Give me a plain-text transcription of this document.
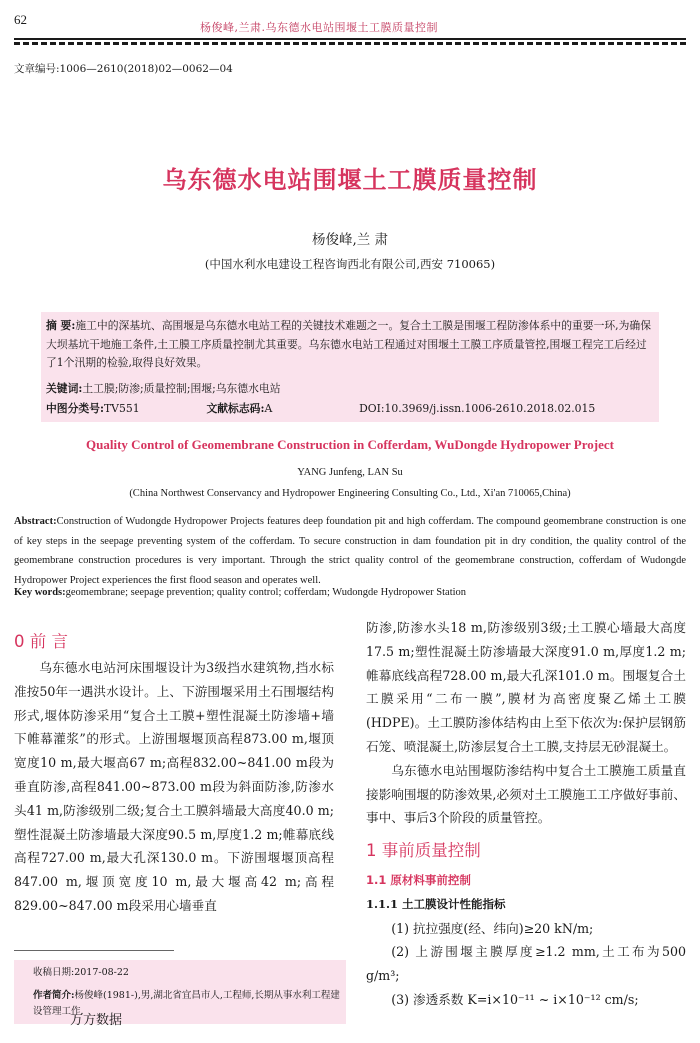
62
杨俊峰,兰肃.乌东德水电站围堰土工膜质量控制
文章编号:1006—2610(2018)02—0062—04
乌东德水电站围堰土工膜质量控制
杨俊峰,兰 肃
(中国水利水电建设工程咨询西北有限公司,西安 710065)
摘 要:施工中的深基坑、高围堰是乌东德水电站工程的关键技术难题之一。复合土工膜是围堰工程防渗体系中的重要一环,为确保大坝基坑干地施工条件,土工膜工序质量控制尤其重要。乌东德水电站工程通过对围堰土工膜工序质量管控,围堰工程完工后经过了1个汛期的检验,取得良好效果。
关键词:土工膜;防渗;质量控制;围堰;乌东德水电站
中图分类号:TV551	文献标志码:A	DOI:10.3969/j.issn.1006-2610.2018.02.015
Quality Control of Geomembrane Construction in Cofferdam, WuDongde Hydropower Project
YANG Junfeng, LAN Su
(China Northwest Conservancy and Hydropower Engineering Consulting Co., Ltd., Xi'an 710065,China)
Abstract:Construction of Wudongde Hydropower Projects features deep foundation pit and high cofferdam. The compound geomembrane construction is one of key steps in the seepage preventing system of the cofferdam. To secure construction in dam foundation pit in dry condition, the quality control of the geomembrane construction procedures is very important. Through the strict quality control of the geomembrane construction, cofferdam of Wudongde Hydropower Project experiences the first flood season and operates well.
Key words:geomembrane; seepage prevention; quality control; cofferdam; Wudongde Hydropower Station
0 前 言

乌东德水电站河床围堰设计为3级挡水建筑物,挡水标准按50年一遇洪水设计。上、下游围堰采用土石围堰结构形式,堰体防渗采用“复合土工膜+塑性混凝土防渗墙+墙下帷幕灌浆”的形式。上游围堰堰顶高程873.00 m,堰顶宽度10 m,最大堰高67 m;高程832.00~841.00 m段为垂直防渗,高程841.00~873.00 m段为斜面防渗,防渗水头41 m,防渗级别二级;复合土工膜斜墙最大高度40.0 m;塑性混凝土防渗墙最大深度90.5 m,厚度1.2 m;帷幕底线高程727.00 m,最大孔深130.0 m。下游围堰堰顶高程847.00 m,堰顶宽度10 m,最大堰高42 m;高程829.00~847.00 m段采用心墙垂直

防渗,防渗水头18 m,防渗级别3级;土工膜心墙最大高度17.5 m;塑性混凝土防渗墙最大深度91.0 m,厚度1.2 m;帷幕底线高程728.00 m,最大孔深101.0 m。围堰复合土工膜采用“二布一膜”,膜材为高密度聚乙烯土工膜(HDPE)。土工膜防渗体结构由上至下依次为:保护层钢筋石笼、喷混凝土,防渗层复合土工膜,支持层无砂混凝土。

乌东德水电站围堰防渗结构中复合土工膜施工质量直接影响围堰的防渗效果,必须对土工膜施工工序做好事前、事中、事后3个阶段的质量管控。

1 事前质量控制
1.1 原材料事前控制
1.1.1 土工膜设计性能指标

(1) 抗拉强度(经、纬向)≥20 kN/m;

(2) 上游围堰主膜厚度≥1.2 mm,土工布为500 g/m³;

(3) 渗透系数 K=i×10⁻¹¹ ~ i×10⁻¹² cm/s;

收稿日期:2017-08-22
作者简介:杨俊峰(1981-),男,湖北省宜昌市人,工程师,长期从事水利工程建设管理工作.
万方数据
